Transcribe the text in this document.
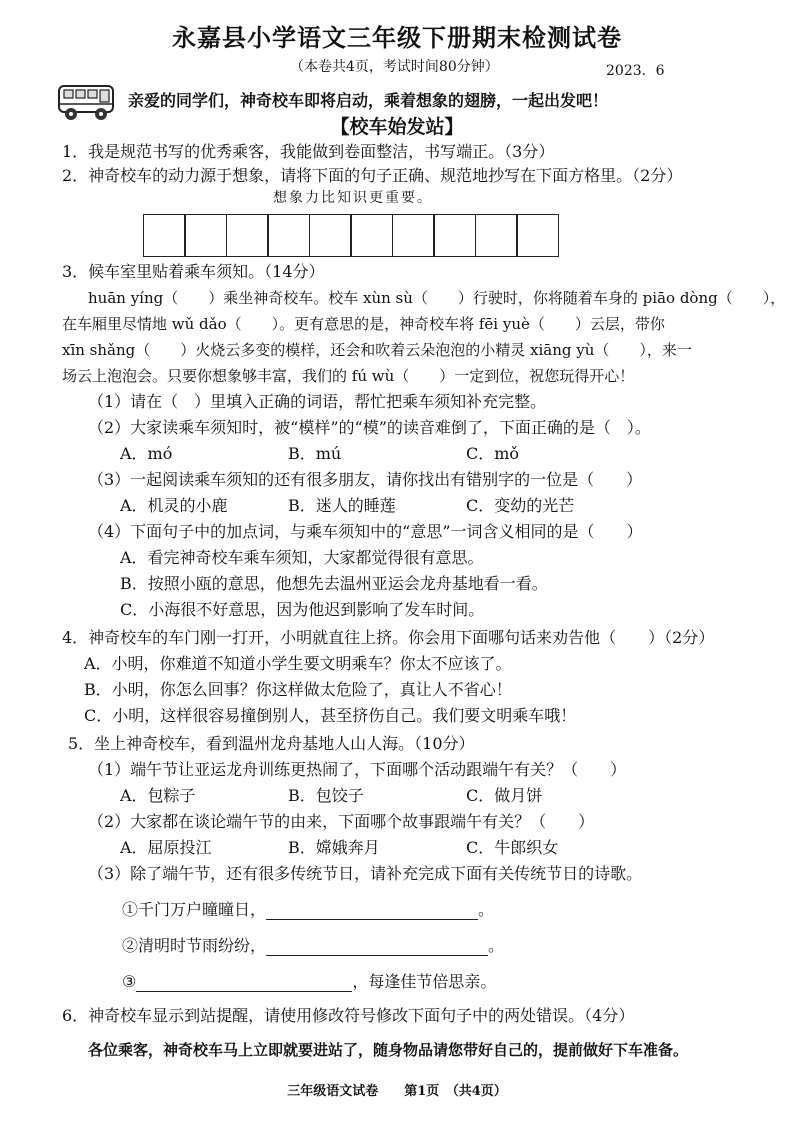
永嘉县小学语文三年级下册期末检测试卷
（本卷共4页，考试时间80分钟）	2023．6
亲爱的同学们，神奇校车即将启动，乘着想象的翅膀，一起出发吧！
【校车始发站】
1．我是规范书写的优秀乘客，我能做到卷面整洁，书写端正。（3分）
2．神奇校车的动力源于想象，请将下面的句子正确、规范地抄写在下面方格里。（2分）
想象力比知识更重要。
3．候车室里贴着乘车须知。（14分）
huān yíng（　　）乘坐神奇校车。校车 xùn sù（　　）行驶时，你将随着车身的 piāo dòng（　　），
在车厢里尽情地 wǔ dǎo（　　）。更有意思的是，神奇校车将 fēi yuè（　　）云层，带你
xīn shǎng（　　）火烧云多变的模样，还会和吹着云朵泡泡的小精灵 xiāng yù（　　），来一
场云上泡泡会。只要你想象够丰富，我们的 fú wù（　　）一定到位，祝您玩得开心！
（1）请在（　）里填入正确的词语，帮忙把乘车须知补充完整。
（2）大家读乘车须知时，被“模样”的“模”的读音难倒了，下面正确的是（　）。
A．mó	B．mú	C．mǒ
（3）一起阅读乘车须知的还有很多朋友，请你找出有错别字的一位是（　　）
A．机灵的小鹿	B．迷人的睡莲	C．变幼的光芒
（4）下面句子中的加点词，与乘车须知中的“意思”一词含义相同的是（　　）
A．看完神奇校车乘车须知，大家都觉得很有意思。
B．按照小瓯的意思，他想先去温州亚运会龙舟基地看一看。
C．小海很不好意思，因为他迟到影响了发车时间。
4．神奇校车的车门刚一打开，小明就直往上挤。你会用下面哪句话来劝告他（　　）（2分）
A．小明，你难道不知道小学生要文明乘车？你太不应该了。
B．小明，你怎么回事？你这样做太危险了，真让人不省心！
C．小明，这样很容易撞倒别人，甚至挤伤自己。我们要文明乘车哦！
5．坐上神奇校车，看到温州龙舟基地人山人海。（10分）
（1）端午节让亚运龙舟训练更热闹了，下面哪个活动跟端午有关？（　　）
A．包粽子	B．包饺子	C．做月饼
（2）大家都在谈论端午节的由来，下面哪个故事跟端午有关？（　　）
A．屈原投江	B．嫦娥奔月	C．牛郎织女
（3）除了端午节，还有很多传统节日，请补充完成下面有关传统节日的诗歌。
①千门万户曈曈日，	。
②清明时节雨纷纷，	。
③	，每逢佳节倍思亲。
6．神奇校车显示到站提醒，请使用修改符号修改下面句子中的两处错误。（4分）
各位乘客，神奇校车马上立即就要进站了，随身物品请您带好自己的，提前做好下车准备。
三年级语文试卷　　第1页　（共4页）
